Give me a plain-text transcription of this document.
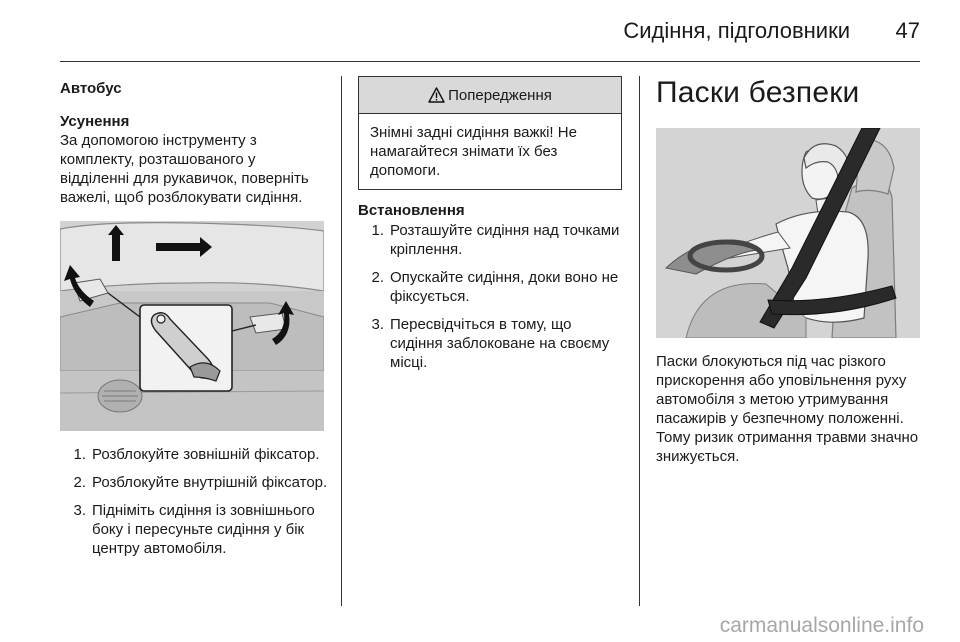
Сидіння, підголовники	47

Автобус

Усунення

За допомогою інструменту з комплекту, розташованого у відділенні для рукавичок, поверніть важелі, щоб розблокувати сидіння.

1. Розблокуйте зовнішній фіксатор.
2. Розблокуйте внутрішній фіксатор.
3. Підніміть сидіння із зовнішнього боку і пересуньте сидіння у бік центру автомобіля.
Попередження
Знімні задні сидіння важкі! Не намагайтеся знімати їх без допомоги.

Встановлення

1. Розташуйте сидіння над точками кріплення.
2. Опускайте сидіння, доки воно не фіксується.
3. Пересвідчіться в тому, що сидіння заблоковане на своєму місці.
Паски безпеки

Паски блокуються під час різкого прискорення або уповільнення руху автомобіля з метою утримування пасажирів у безпечному положенні. Тому ризик отримання травми значно знижується.

carmanualsonline.info
